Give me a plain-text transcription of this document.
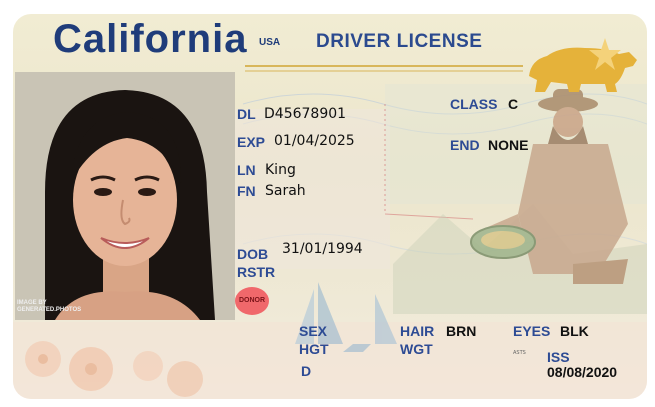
ASTS
California USA DRIVER LICENSE
IMAGE BY GENERATED.PHOTOS
DL D45678901
EXP 01/04/2025
LN King
FN Sarah
DOB 31/01/1994
RSTR
DONOR
CLASS C
END NONE
SEX
HGT
HAIR BRN
WGT
EYES BLK
D
ISS
08/08/2020
